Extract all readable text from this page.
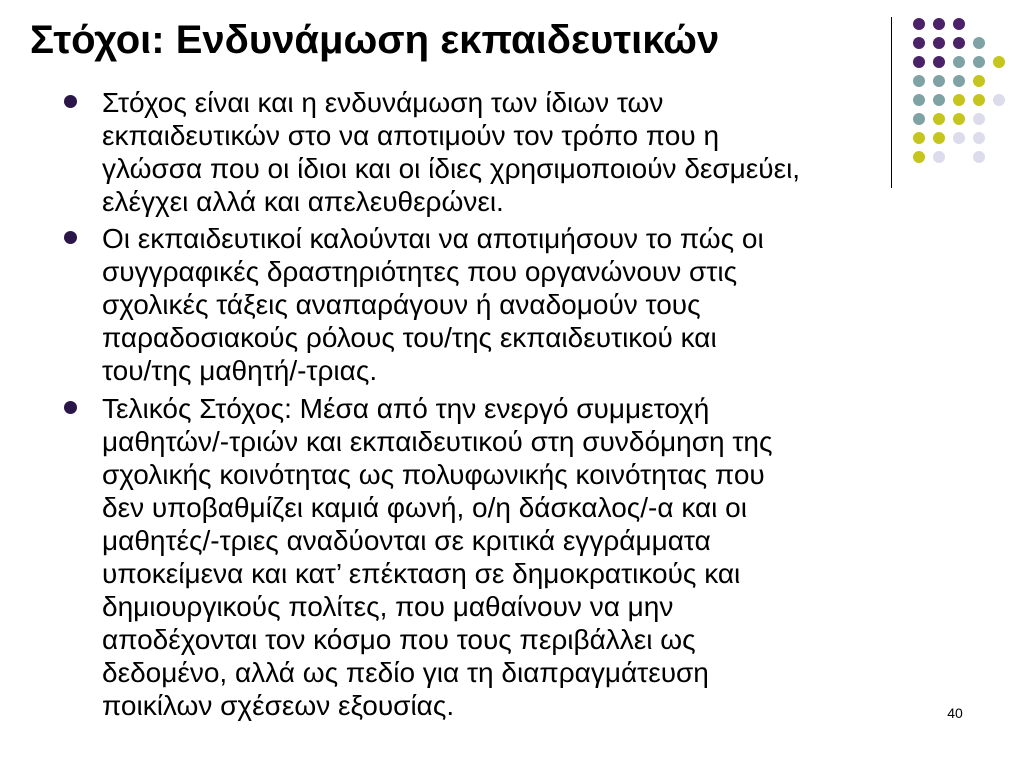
Στόχοι: Ενδυνάμωση εκπαιδευτικών

Στόχος είναι και η ενδυνάμωση των ίδιων των
εκπαιδευτικών στο να αποτιμούν τον τρόπο που η
γλώσσα που οι ίδιοι και οι ίδιες χρησιμοποιούν δεσμεύει,
ελέγχει αλλά και απελευθερώνει.

Οι εκπαιδευτικοί καλούνται να αποτιμήσουν το πώς οι
συγγραφικές δραστηριότητες που οργανώνουν στις
σχολικές τάξεις αναπαράγουν ή αναδομούν τους
παραδοσιακούς ρόλους του/της εκπαιδευτικού και
του/της μαθητή/-τριας.

Τελικός Στόχος: Μέσα από την ενεργό συμμετοχή
μαθητών/-τριών και εκπαιδευτικού στη συνδόμηση της
σχολικής κοινότητας ως πολυφωνικής κοινότητας που
δεν υποβαθμίζει καμιά φωνή, ο/η δάσκαλος/-α και οι
μαθητές/-τριες αναδύονται σε κριτικά εγγράμματα
υποκείμενα και κατ’ επέκταση σε δημοκρατικούς και
δημιουργικούς πολίτες, που μαθαίνουν να μην
αποδέχονται τον κόσμο που τους περιβάλλει ως
δεδομένο, αλλά ως πεδίο για τη διαπραγμάτευση
ποικίλων σχέσεων εξουσίας.	40
